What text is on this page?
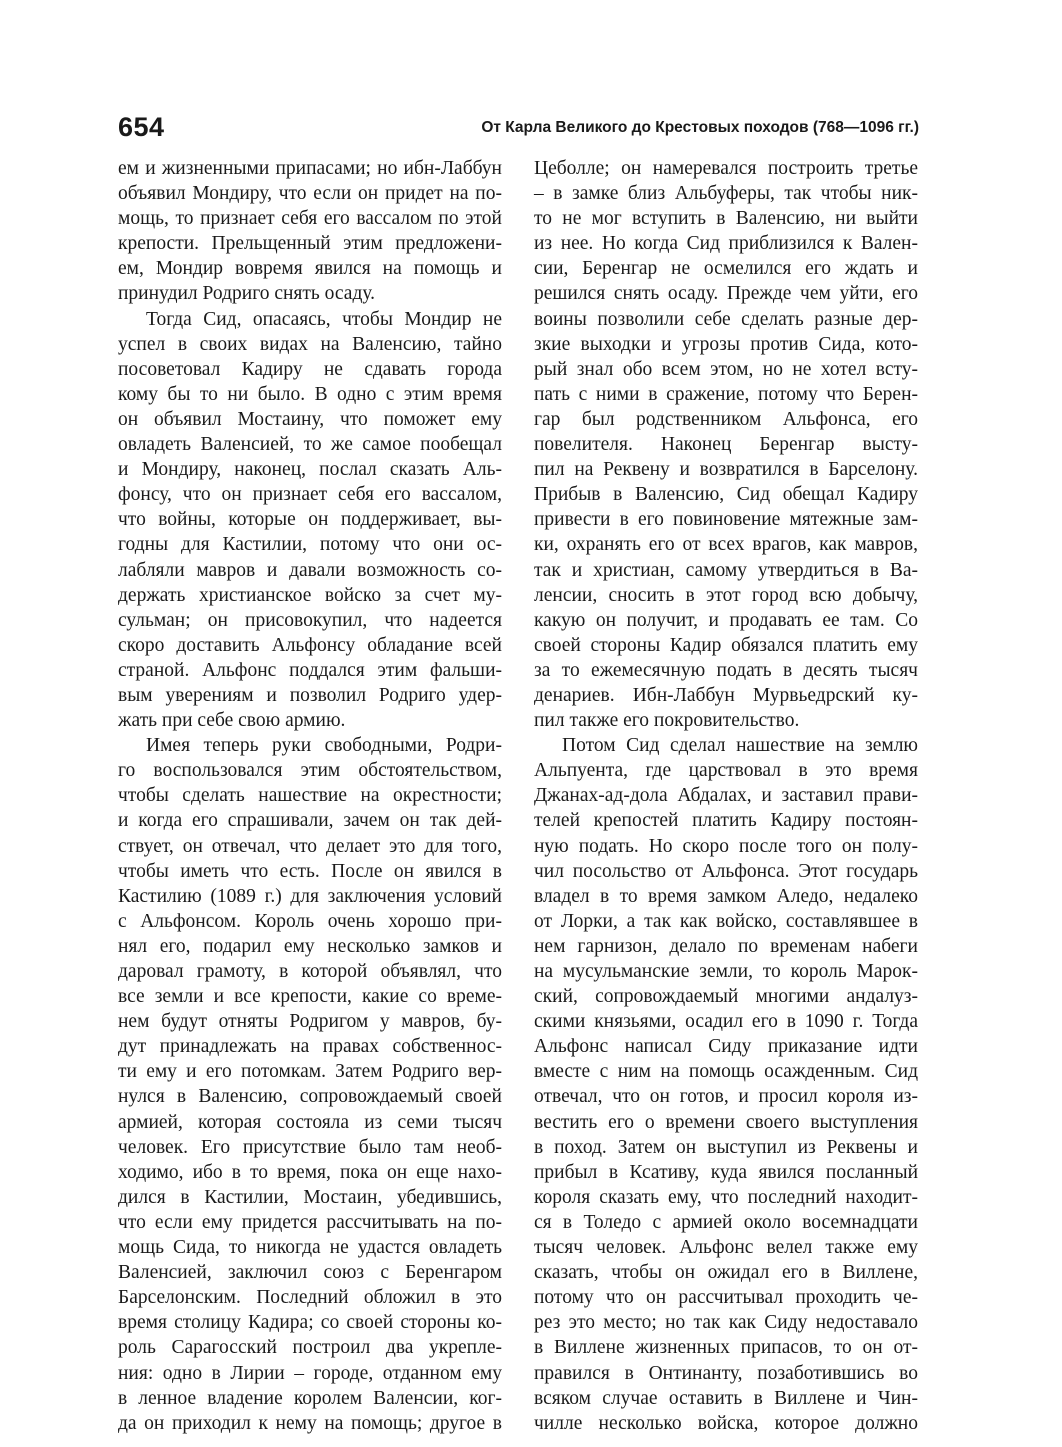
654	От Карла Великого до Крестовых походов (768—1096 гг.)
ем и жизненными припасами; но ибн-Лаббун
объявил Мондиру, что если он придет на по-
мощь, то признает себя его вассалом по этой
крепости. Прельщенный этим предложени-
ем, Мондир вовремя явился на помощь и
принудил Родриго снять осаду.
Тогда Сид, опасаясь, чтобы Мондир не
успел в своих видах на Валенсию, тайно
посоветовал Кадиру не сдавать города
кому бы то ни было. В одно с этим время
он объявил Мостаину, что поможет ему
овладеть Валенсией, то же самое пообещал
и Мондиру, наконец, послал сказать Аль-
фонсу, что он признает себя его вассалом,
что войны, которые он поддерживает, вы-
годны для Кастилии, потому что они ос-
лабляли мавров и давали возможность со-
держать христианское войско за счет му-
сульман; он присовокупил, что надеется
скоро доставить Альфонсу обладание всей
страной. Альфонс поддался этим фальши-
вым уверениям и позволил Родриго удер-
жать при себе свою армию.
Имея теперь руки свободными, Родри-
го воспользовался этим обстоятельством,
чтобы сделать нашествие на окрестности;
и когда его спрашивали, зачем он так дей-
ствует, он отвечал, что делает это для того,
чтобы иметь что есть. После он явился в
Кастилию (1089 г.) для заключения условий
с Альфонсом. Король очень хорошо при-
нял его, подарил ему несколько замков и
даровал грамоту, в которой объявлял, что
все земли и все крепости, какие со време-
нем будут отняты Родригом у мавров, бу-
дут принадлежать на правах собственнос-
ти ему и его потомкам. Затем Родриго вер-
нулся в Валенсию, сопровождаемый своей
армией, которая состояла из семи тысяч
человек. Его присутствие было там необ-
ходимо, ибо в то время, пока он еще нахо-
дился в Кастилии, Мостаин, убедившись,
что если ему придется рассчитывать на по-
мощь Сида, то никогда не удастся овладеть
Валенсией, заключил союз с Беренгаром
Барселонским. Последний обложил в это
время столицу Кадира; со своей стороны ко-
роль Сарагосский построил два укрепле-
ния: одно в Лирии – городе, отданном ему
в ленное владение королем Валенсии, ког-
да он приходил к нему на помощь; другое в
Цеболле; он намеревался построить третье
– в замке близ Альбуферы, так чтобы ник-
то не мог вступить в Валенсию, ни выйти
из нее. Но когда Сид приблизился к Вален-
сии, Беренгар не осмелился его ждать и
решился снять осаду. Прежде чем уйти, его
воины позволили себе сделать разные дер-
зкие выходки и угрозы против Сида, кото-
рый знал обо всем этом, но не хотел всту-
пать с ними в сражение, потому что Берен-
гар был родственником Альфонса, его
повелителя. Наконец Беренгар высту-
пил на Реквену и возвратился в Барселону.
Прибыв в Валенсию, Сид обещал Кадиру
привести в его повиновение мятежные зам-
ки, охранять его от всех врагов, как мавров,
так и христиан, самому утвердиться в Ва-
ленсии, сносить в этот город всю добычу,
какую он получит, и продавать ее там. Со
своей стороны Кадир обязался платить ему
за то ежемесячную подать в десять тысяч
денариев. Ибн-Лаббун Мурвьедрский ку-
пил также его покровительство.
Потом Сид сделал нашествие на землю
Альпуента, где царствовал в это время
Джанах-ад-дола Абдалах, и заставил прави-
телей крепостей платить Кадиру постоян-
ную подать. Но скоро после того он полу-
чил посольство от Альфонса. Этот государь
владел в то время замком Аледо, недалеко
от Лорки, а так как войско, составлявшее в
нем гарнизон, делало по временам набеги
на мусульманские земли, то король Марок-
ский, сопровождаемый многими андалуз-
скими князьями, осадил его в 1090 г. Тогда
Альфонс написал Сиду приказание идти
вместе с ним на помощь осажденным. Сид
отвечал, что он готов, и просил короля из-
вестить его о времени своего выступления
в поход. Затем он выступил из Реквены и
прибыл в Ксативу, куда явился посланный
короля сказать ему, что последний находит-
ся в Толедо с армией около восемнадцати
тысяч человек. Альфонс велел также ему
сказать, чтобы он ожидал его в Виллене,
потому что он рассчитывал проходить че-
рез это место; но так как Сиду недоставало
в Виллене жизненных припасов, то он от-
правился в Онтинанту, позаботившись во
всяком случае оставить в Виллене и Чин-
чилле несколько войска, которое должно
